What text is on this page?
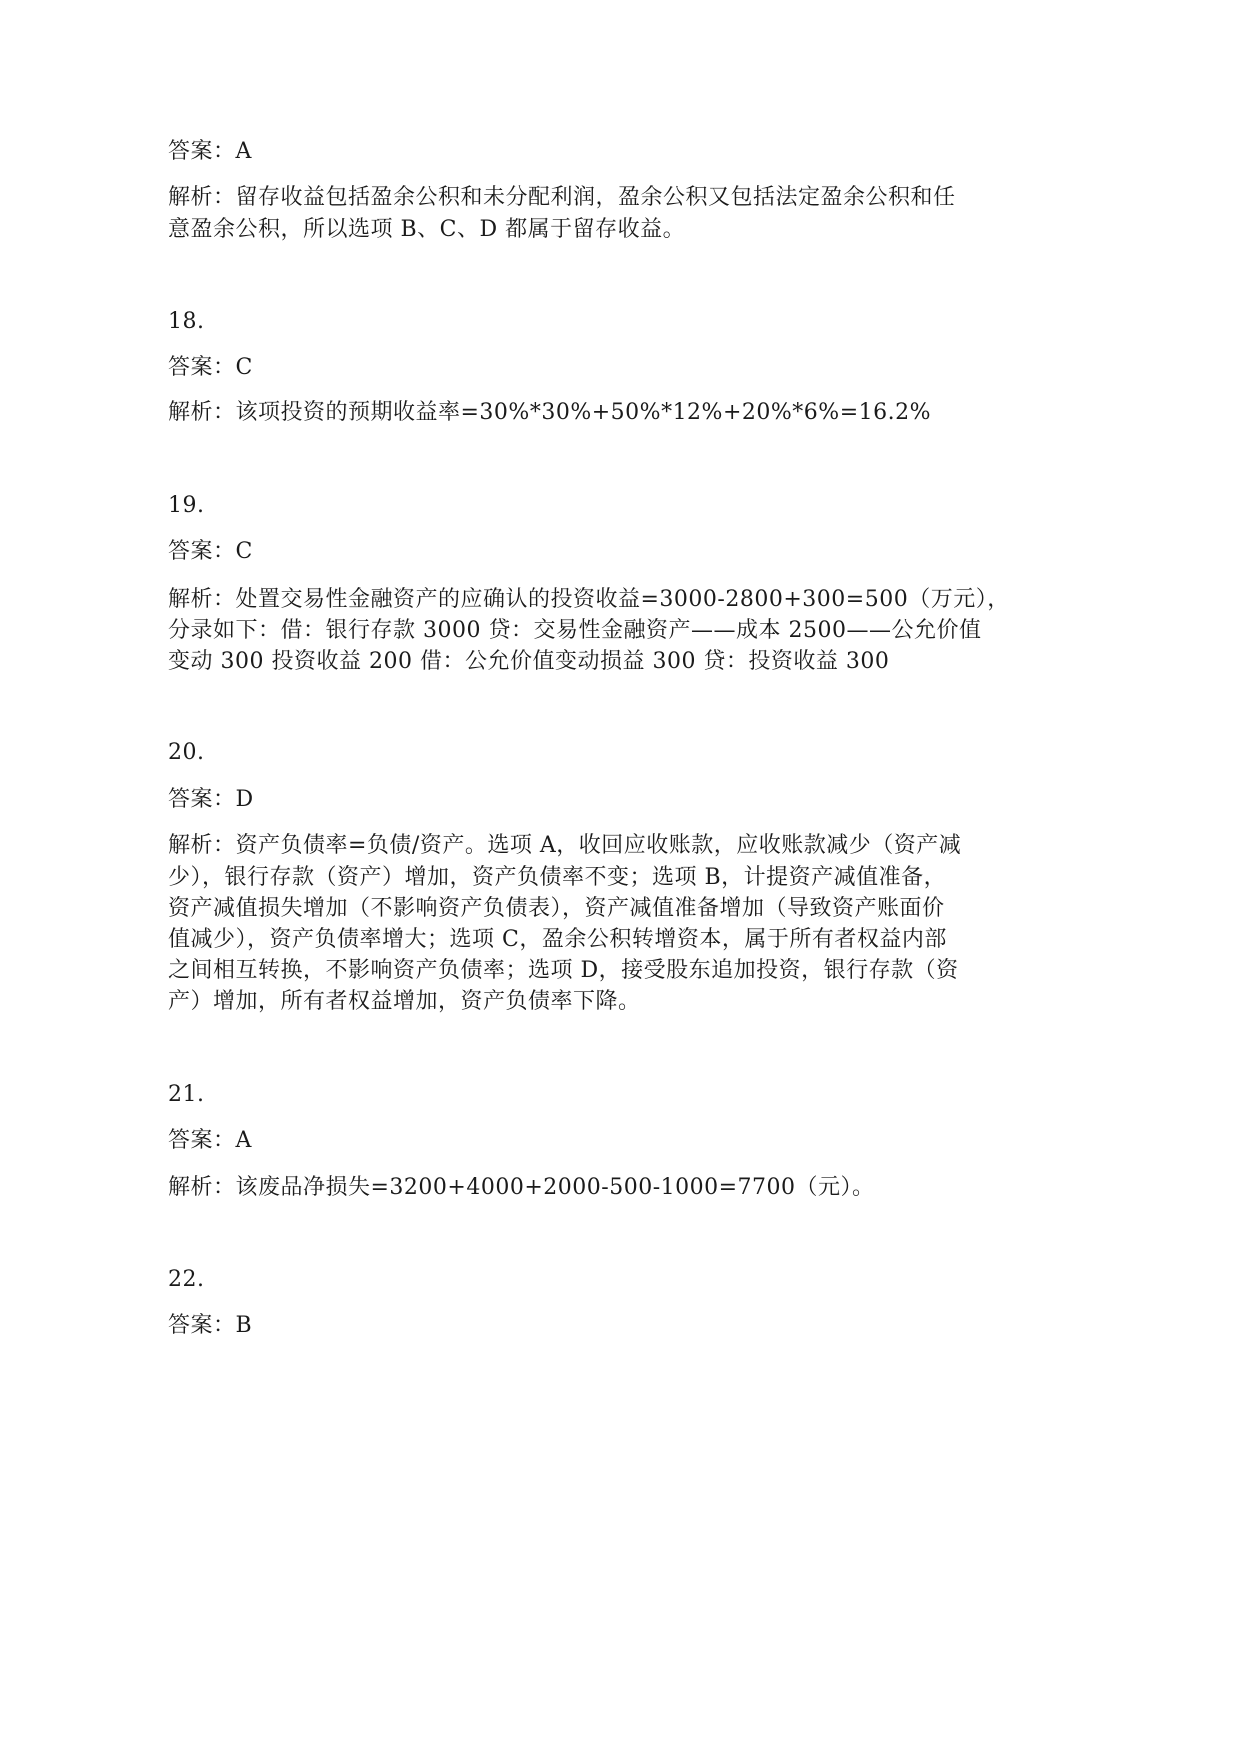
答案：A
解析：留存收益包括盈余公积和未分配利润，盈余公积又包括法定盈余公积和任
意盈余公积，所以选项 B、C、D 都属于留存收益。
18.
答案：C
解析：该项投资的预期收益率=30%*30%+50%*12%+20%*6%=16.2%
19.
答案：C
解析：处置交易性金融资产的应确认的投资收益=3000-2800+300=500（万元），
分录如下：借：银行存款 3000 贷：交易性金融资产——成本 2500——公允价值
变动 300 投资收益 200 借：公允价值变动损益 300 贷：投资收益 300
20.
答案：D
解析：资产负债率=负债/资产。选项 A，收回应收账款，应收账款减少（资产减
少），银行存款（资产）增加，资产负债率不变；选项 B，计提资产减值准备，
资产减值损失增加（不影响资产负债表），资产减值准备增加（导致资产账面价
值减少），资产负债率增大；选项 C，盈余公积转增资本，属于所有者权益内部
之间相互转换，不影响资产负债率；选项 D，接受股东追加投资，银行存款（资
产）增加，所有者权益增加，资产负债率下降。
21.
答案：A
解析：该废品净损失=3200+4000+2000-500-1000=7700（元）。
22.
答案：B
